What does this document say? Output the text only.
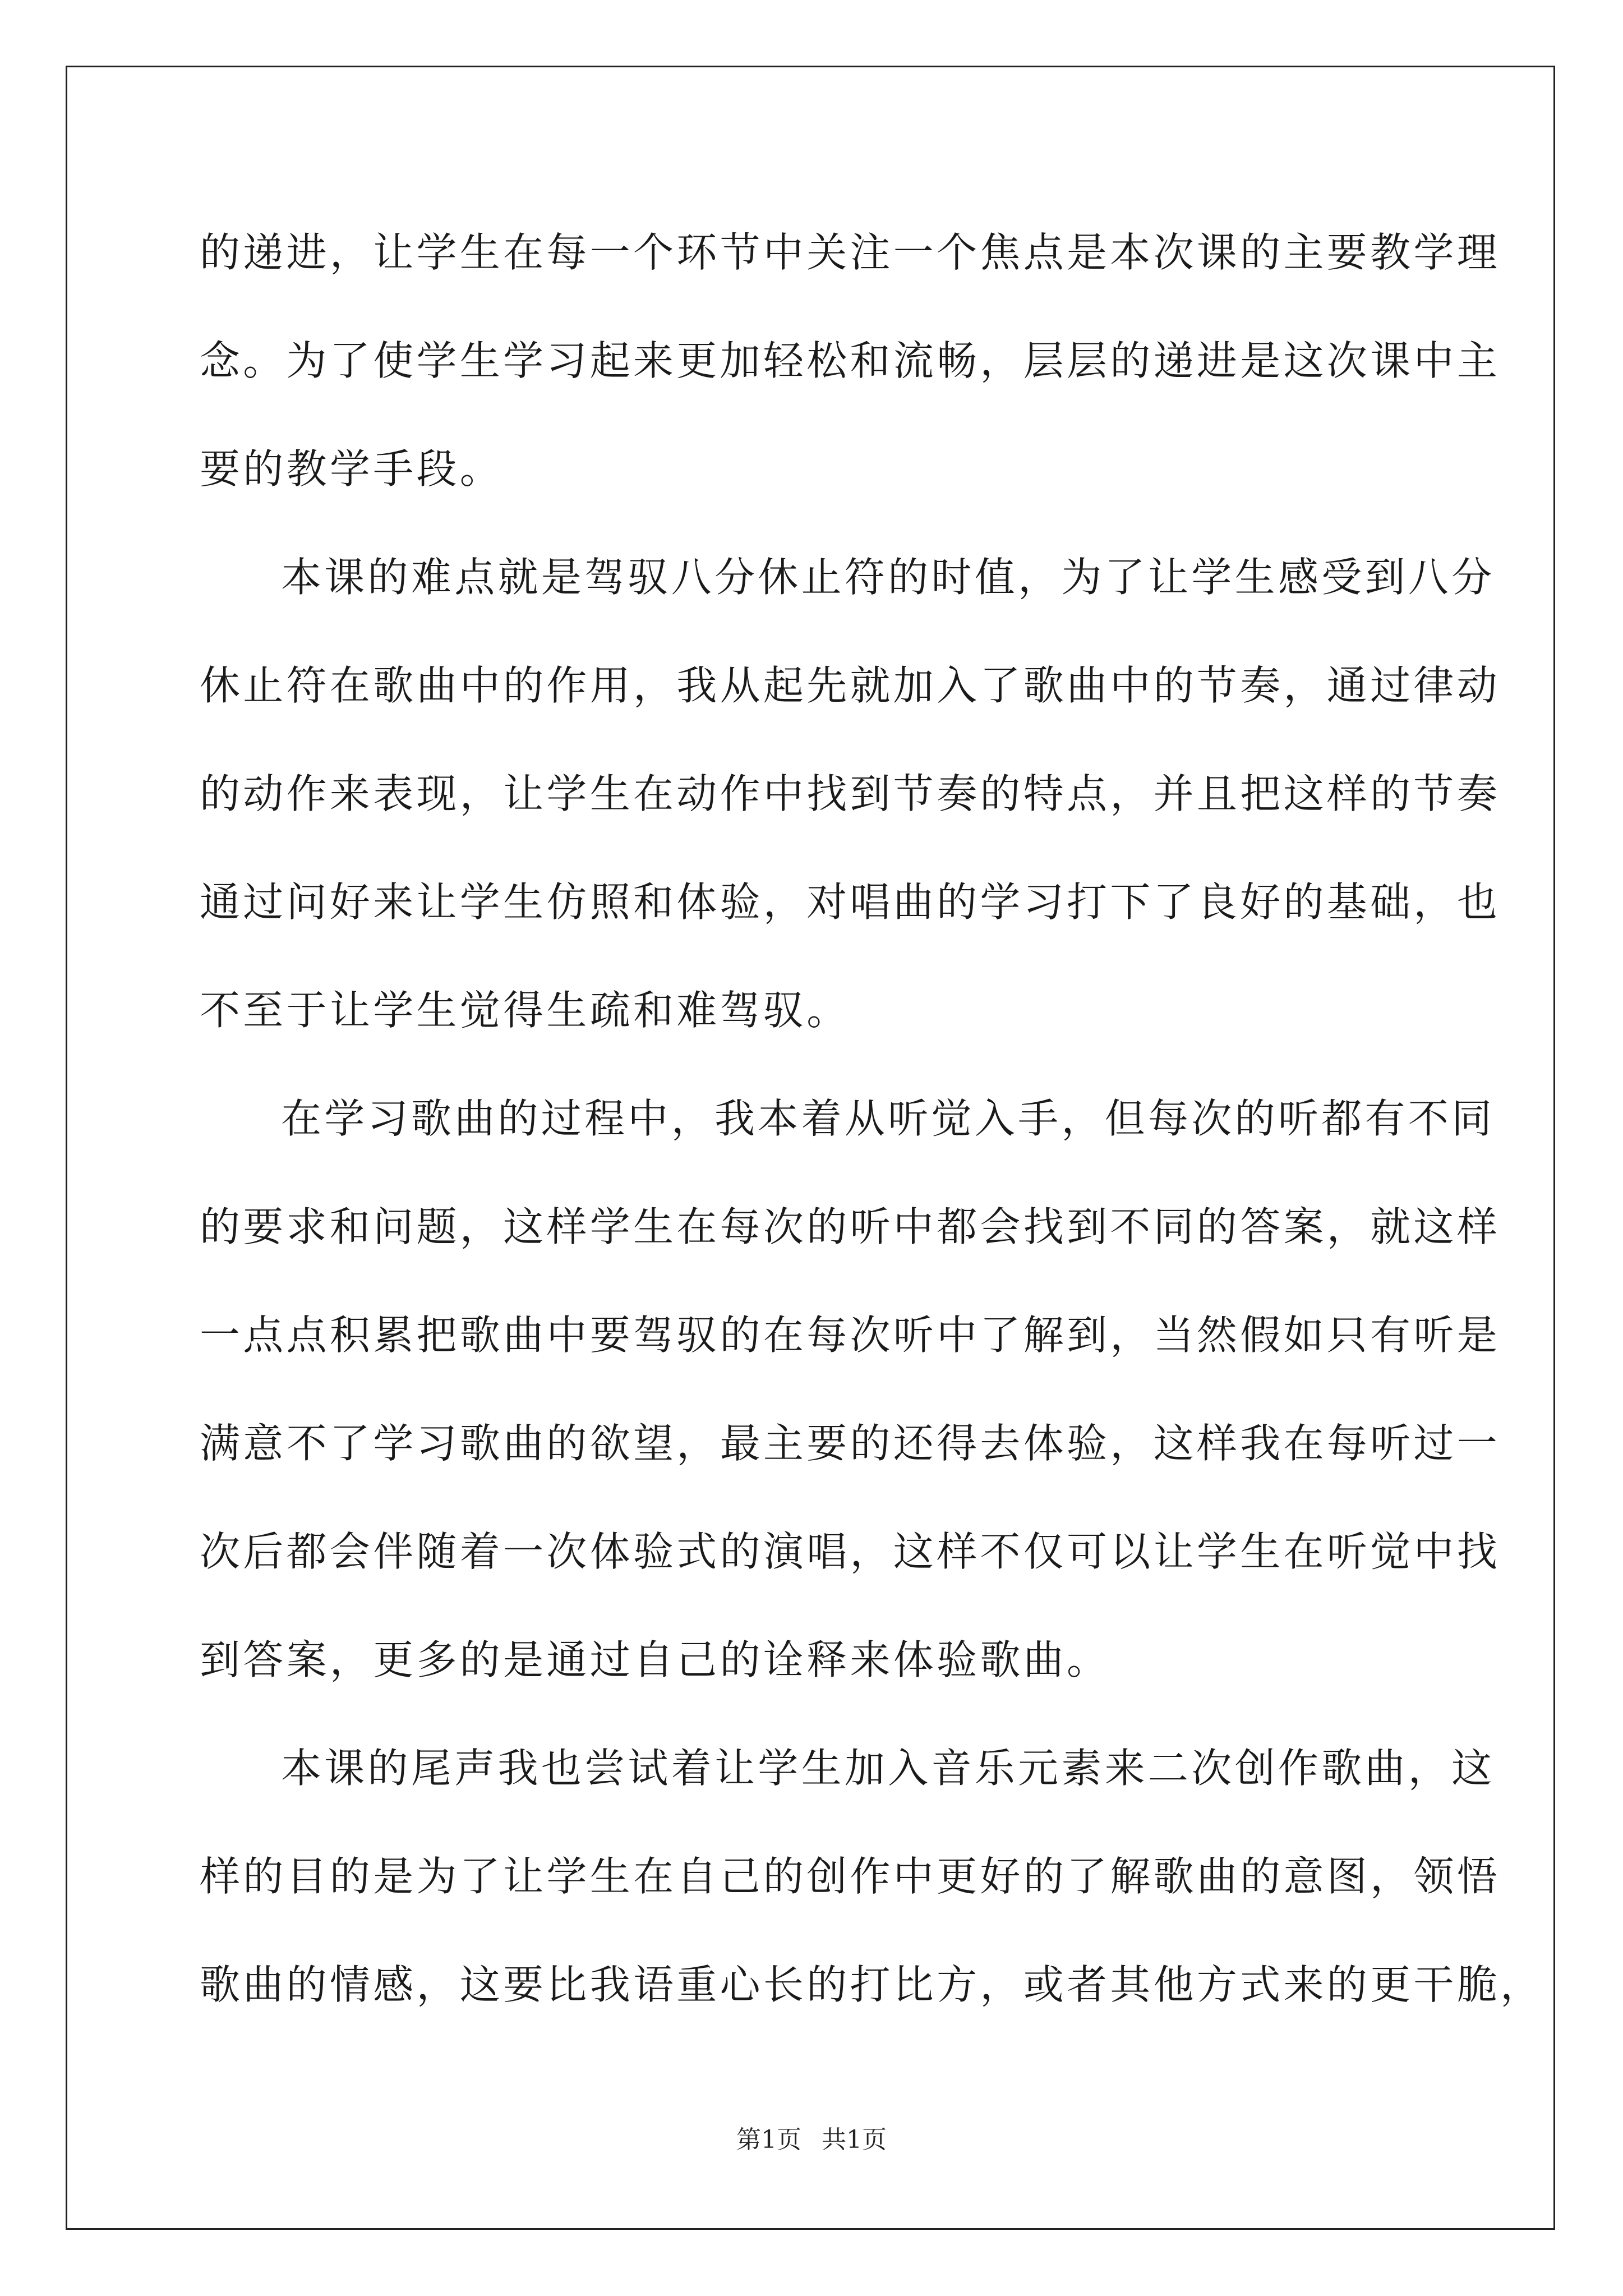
的递进，让学生在每一个环节中关注一个焦点是本次课的主要教学理
念。为了使学生学习起来更加轻松和流畅，层层的递进是这次课中主
要的教学手段。
本课的难点就是驾驭八分休止符的时值，为了让学生感受到八分
休止符在歌曲中的作用，我从起先就加入了歌曲中的节奏，通过律动
的动作来表现，让学生在动作中找到节奏的特点，并且把这样的节奏
通过问好来让学生仿照和体验，对唱曲的学习打下了良好的基础，也
不至于让学生觉得生疏和难驾驭。
在学习歌曲的过程中，我本着从听觉入手，但每次的听都有不同
的要求和问题，这样学生在每次的听中都会找到不同的答案，就这样
一点点积累把歌曲中要驾驭的在每次听中了解到，当然假如只有听是
满意不了学习歌曲的欲望，最主要的还得去体验，这样我在每听过一
次后都会伴随着一次体验式的演唱，这样不仅可以让学生在听觉中找
到答案，更多的是通过自己的诠释来体验歌曲。
本课的尾声我也尝试着让学生加入音乐元素来二次创作歌曲，这
样的目的是为了让学生在自己的创作中更好的了解歌曲的意图，领悟
歌曲的情感，这要比我语重心长的打比方，或者其他方式来的更干脆，
第1页 共1页
